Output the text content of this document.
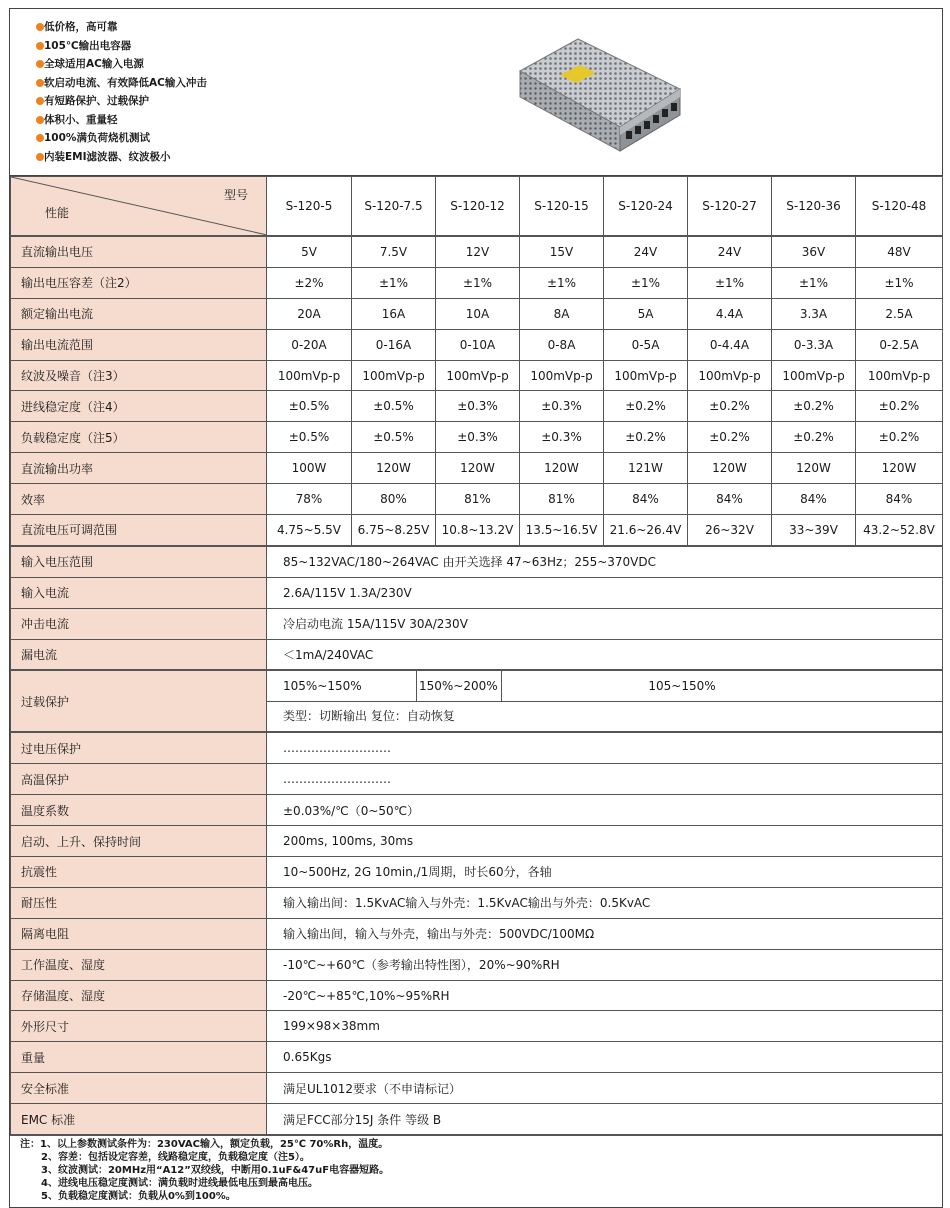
低价格，高可靠
105℃输出电容器
全球适用AC输入电源
软启动电流、有效降低AC输入冲击
有短路保护、过载保护
体积小、重量轻
100%满负荷烧机测试
内装EMI滤波器、纹波极小
型号
性能	S-120-5	S-120-7.5	S-120-12	S-120-15	S-120-24	S-120-27	S-120-36	S-120-48
直流输出电压	5V	7.5V	12V	15V	24V	24V	36V	48V
输出电压容差（注2）	±2%	±1%	±1%	±1%	±1%	±1%	±1%	±1%
额定输出电流	20A	16A	10A	8A	5A	4.4A	3.3A	2.5A
输出电流范围	0-20A	0-16A	0-10A	0-8A	0-5A	0-4.4A	0-3.3A	0-2.5A
纹波及噪音（注3）	100mVp-p	100mVp-p	100mVp-p	100mVp-p	100mVp-p	100mVp-p	100mVp-p	100mVp-p
进线稳定度（注4）	±0.5%	±0.5%	±0.3%	±0.3%	±0.2%	±0.2%	±0.2%	±0.2%
负载稳定度（注5）	±0.5%	±0.5%	±0.3%	±0.3%	±0.2%	±0.2%	±0.2%	±0.2%
直流输出功率	100W	120W	120W	120W	121W	120W	120W	120W
效率	78%	80%	81%	81%	84%	84%	84%	84%
直流电压可调范围	4.75~5.5V	6.75~8.25V	10.8~13.2V	13.5~16.5V	21.6~26.4V	26~32V	33~39V	43.2~52.8V
输入电压范围	85~132VAC/180~264VAC 由开关选择 47~63Hz；255~370VDC
输入电流	2.6A/115V 1.3A/230V
冲击电流	冷启动电流 15A/115V 30A/230V
漏电流	＜1mA/240VAC
过载保护	
105%~150%	150%~200%	105~150%
类型：切断输出 复位：自动恢复
过电压保护	………………………
高温保护	………………………
温度系数	±0.03%/℃（0~50℃）
启动、上升、保持时间	200ms, 100ms, 30ms
抗震性	10~500Hz, 2G 10min,/1周期，时长60分，各轴
耐压性	输入输出间：1.5KvAC输入与外壳：1.5KvAC输出与外壳：0.5KvAC
隔离电阻	输入输出间，输入与外壳，输出与外壳：500VDC/100MΩ
工作温度、湿度	-10℃~+60℃（参考输出特性图），20%~90%RH
存储温度、湿度	-20℃~+85℃,10%~95%RH
外形尺寸	199×98×38mm
重量	0.65Kgs
安全标准	满足UL1012要求（不申请标记）
EMC 标准	满足FCC部分15J 条件 等级 B
注：1、以上参数测试条件为：230VAC输入，额定负载，25℃ 70%Rh，温度。
2、容差：包括设定容差，线路稳定度，负载稳定度（注5）。
3、纹波测试：20MHz用“A12”双绞线，中断用0.1uF&47uF电容器短路。
4、进线电压稳定度测试：满负载时进线最低电压到最高电压。
5、负载稳定度测试：负载从0%到100%。
